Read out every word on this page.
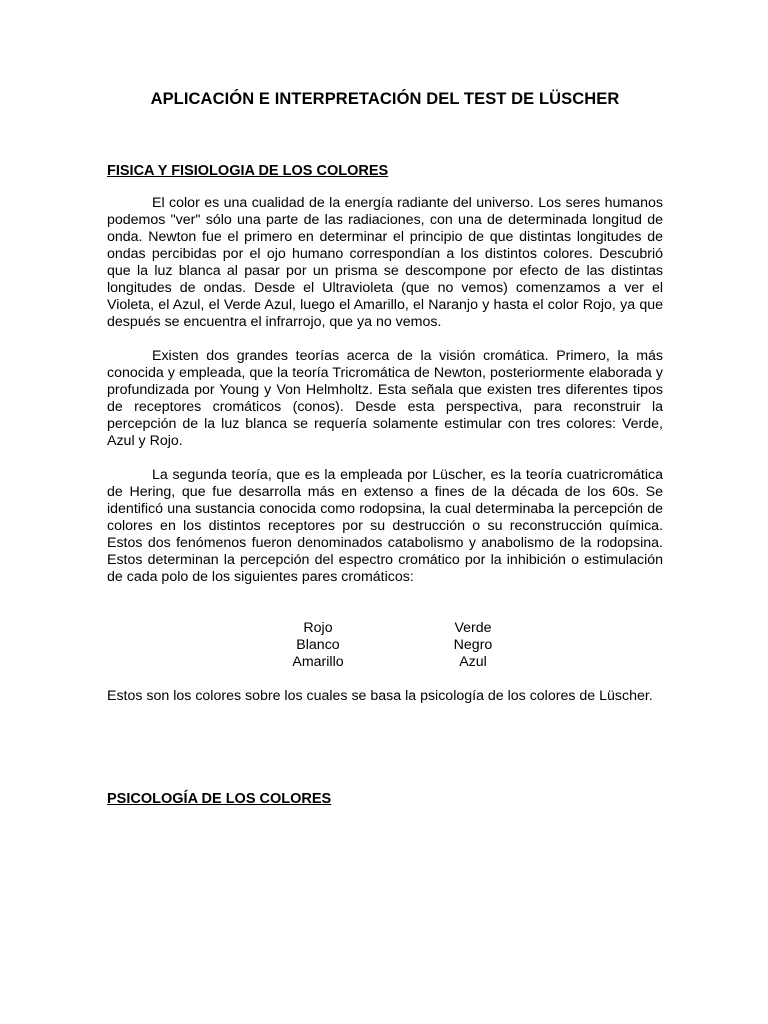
APLICACIÓN E INTERPRETACIÓN DEL TEST DE LÜSCHER
FISICA Y FISIOLOGIA DE LOS COLORES

El color es una cualidad de la energía radiante del universo. Los seres humanos podemos "ver" sólo una parte de las radiaciones, con una de determinada longitud de onda. Newton fue el primero en determinar el principio de que distintas longitudes de ondas percibidas por el ojo humano correspondían a los distintos colores. Descubrió que la luz blanca al pasar por un prisma se descompone por efecto de las distintas longitudes de ondas. Desde el Ultravioleta (que no vemos) comenzamos a ver el Violeta, el Azul, el Verde Azul, luego el Amarillo, el Naranjo y hasta el color Rojo, ya que después se encuentra el infrarrojo, que ya no vemos.

Existen dos grandes teorías acerca de la visión cromática. Primero, la más conocida y empleada, que la teoría Tricromática de Newton, posteriormente elaborada y profundizada por Young y Von Helmholtz. Esta señala que existen tres diferentes tipos de receptores cromáticos (conos). Desde esta perspectiva, para reconstruir la percepción de la luz blanca se requería solamente estimular con tres colores: Verde, Azul y Rojo.

La segunda teoría, que es la empleada por Lüscher, es la teoría cuatricromática de Hering, que fue desarrolla más en extenso a fines de la década de los 60s. Se identificó una sustancia conocida como rodopsina, la cual determinaba la percepción de colores en los distintos receptores por su destrucción o su reconstrucción química. Estos dos fenómenos fueron denominados catabolismo y anabolismo de la rodopsina. Estos determinan la percepción del espectro cromático por la inhibición o estimulación de cada polo de los siguientes pares cromáticos:

Rojo	Verde
Blanco	Negro
Amarillo	Azul

Estos son los colores sobre los cuales se basa la psicología de los colores de Lüscher.

PSICOLOGÍA DE LOS COLORES
